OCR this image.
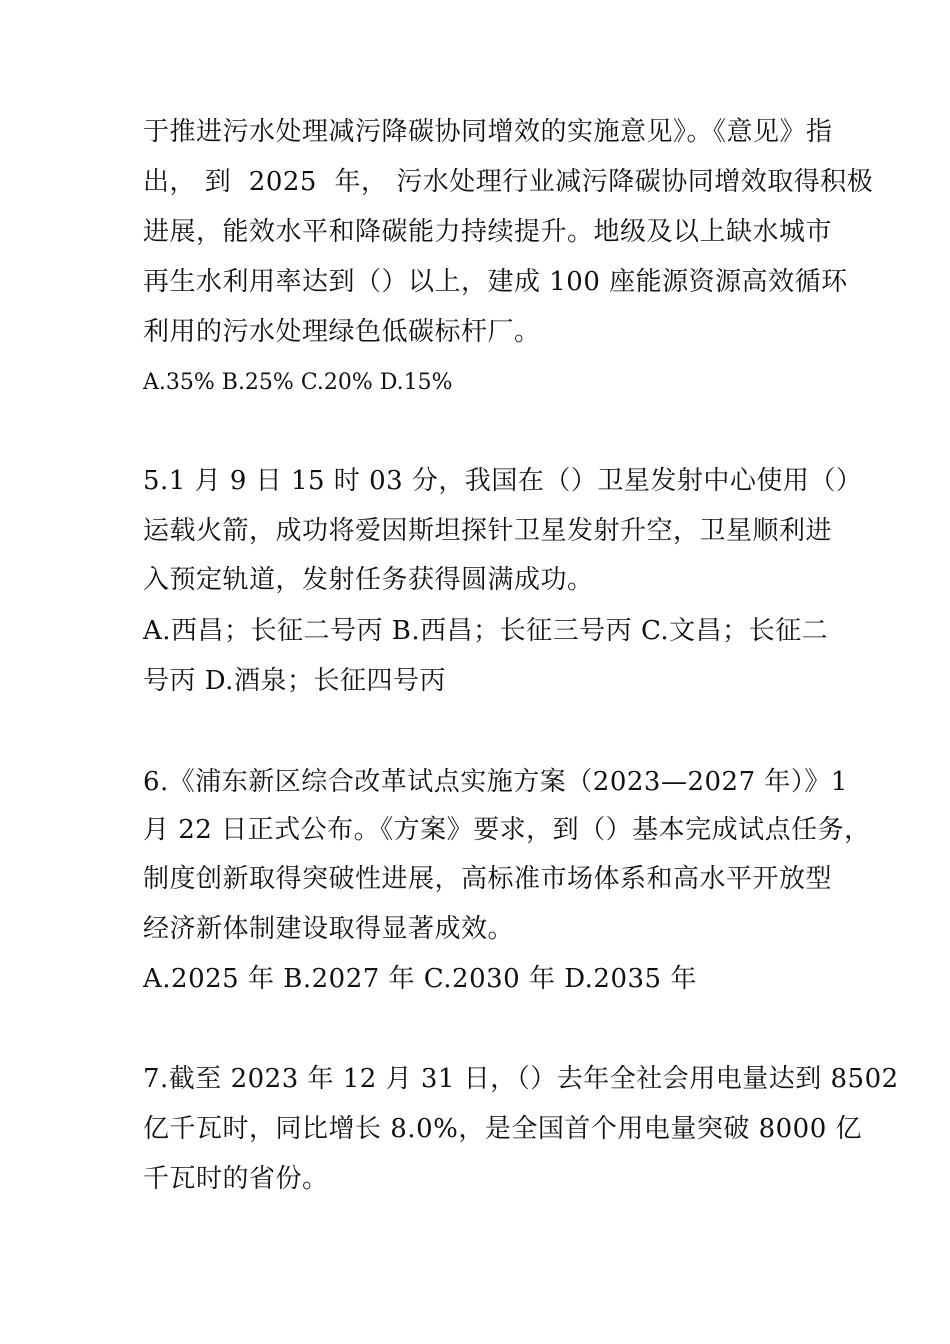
于推进污水处理减污降碳协同增效的实施意见》。《意见》指
出， 到  2025  年， 污水处理行业减污降碳协同增效取得积极
进展，能效水平和降碳能力持续提升。地级及以上缺水城市
再生水利用率达到（）以上，建成 100 座能源资源高效循环
利用的污水处理绿色低碳标杆厂。
A.35% B.25% C.20% D.15%
5.1 月 9 日 15 时 03 分，我国在（）卫星发射中心使用（）
运载火箭，成功将爱因斯坦探针卫星发射升空，卫星顺利进
入预定轨道，发射任务获得圆满成功。
A.西昌；长征二号丙 B.西昌；长征三号丙 C.文昌；长征二
号丙 D.酒泉；长征四号丙
6.《浦东新区综合改革试点实施方案（2023—2027 年）》1
月 22 日正式公布。《方案》要求，到（）基本完成试点任务，
制度创新取得突破性进展，高标准市场体系和高水平开放型
经济新体制建设取得显著成效。
A.2025 年 B.2027 年 C.2030 年 D.2035 年
7.截至 2023 年 12 月 31 日，（）去年全社会用电量达到 8502
亿千瓦时，同比增长 8.0%，是全国首个用电量突破 8000 亿
千瓦时的省份。
